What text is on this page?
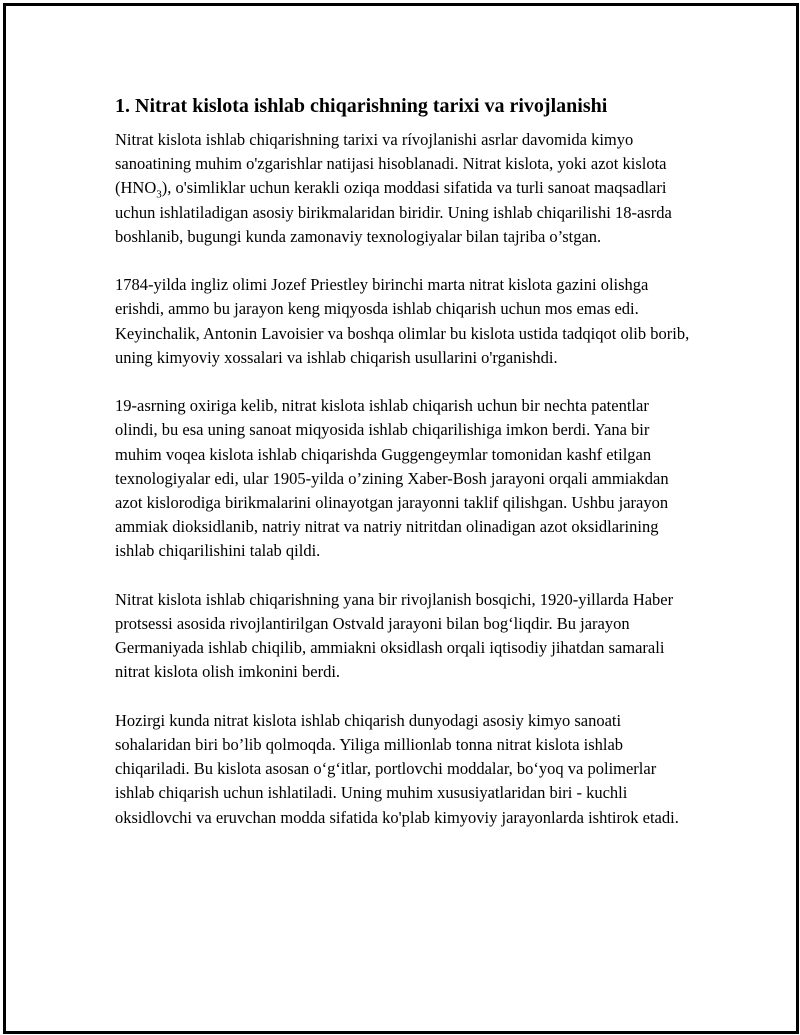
1. Nitrat kislota ishlab chiqarishning tarixi va rivojlanishi

Nitrat kislota ishlab chiqarishning tarixi va rívojlanishi asrlar davomida kimyo sanoatining muhim o'zgarishlar natijasi hisoblanadi. Nitrat kislota, yoki azot kislota $(HNO_3)$, o'simliklar uchun kerakli oziqa moddasi sifatida va turli sanoat maqsadlari uchun ishlatiladigan asosiy birikmalaridan biridir. Uning ishlab chiqarilishi 18-asrda boshlanib, bugungi kunda zamonaviy texnologiyalar bilan tajriba o’stgan.

1784-yilda ingliz olimi Jozef Priestley birinchi marta nitrat kislota gazini olishga erishdi, ammo bu jarayon keng miqyosda ishlab chiqarish uchun mos emas edi. Keyinchalik, Antonin Lavoisier va boshqa olimlar bu kislota ustida tadqiqot olib borib, uning kimyoviy xossalari va ishlab chiqarish usullarini o'rganishdi.

19-asrning oxiriga kelib, nitrat kislota ishlab chiqarish uchun bir nechta patentlar olindi, bu esa uning sanoat miqyosida ishlab chiqarilishiga imkon berdi. Yana bir muhim voqea kislota ishlab chiqarishda Guggengeymlar tomonidan kashf etilgan texnologiyalar edi, ular 1905-yilda o’zining Xaber-Bosh jarayoni orqali ammiakdan azot kislorodiga birikmalarini olinayotgan jarayonni taklif qilishgan. Ushbu jarayon ammiak dioksidlanib, natriy nitrat va natriy nitritdan olinadigan azot oksidlarining ishlab chiqarilishini talab qildi.

Nitrat kislota ishlab chiqarishning yana bir rivojlanish bosqichi, 1920-yillarda Haber protsessi asosida rivojlantirilgan Ostvald jarayoni bilan bog‘liqdir. Bu jarayon Germaniyada ishlab chiqilib, ammiakni oksidlash orqali iqtisodiy jihatdan samarali nitrat kislota olish imkonini berdi.

Hozirgi kunda nitrat kislota ishlab chiqarish dunyodagi asosiy kimyo sanoati sohalaridan biri bo’lib qolmoqda. Yiliga millionlab tonna nitrat kislota ishlab chiqariladi. Bu kislota asosan o‘g‘itlar, portlovchi moddalar, bo‘yoq va polimerlar ishlab chiqarish uchun ishlatiladi. Uning muhim xususiyatlaridan biri - kuchli oksidlovchi va eruvchan modda sifatida ko'plab kimyoviy jarayonlarda ishtirok etadi.
